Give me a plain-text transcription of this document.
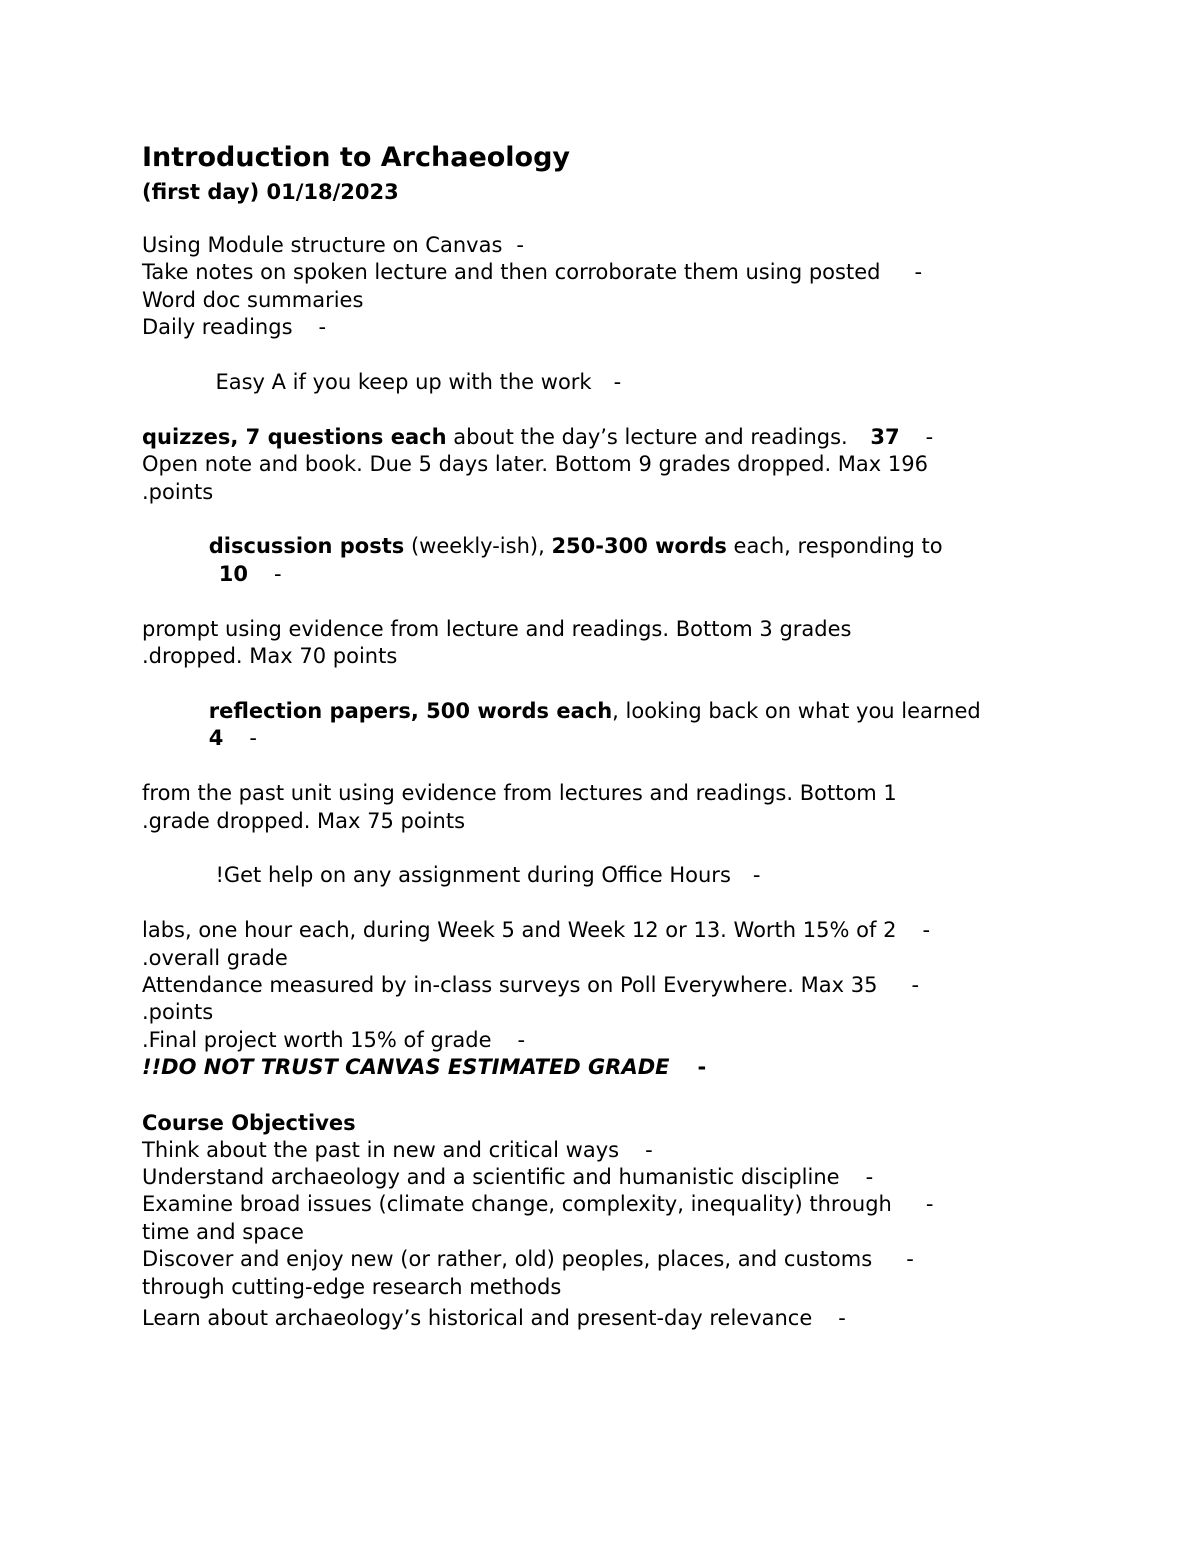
Introduction to Archaeology
(first day) 01/18/2023
Using Module structure on Canvas -
Take notes on spoken lecture and then corroborate them using posted -
Word doc summaries
Daily readings -

Easy A if you keep up with the work -

quizzes, 7 questions each about the day’s lecture and readings. 37 -
Open note and book. Due 5 days later. Bottom 9 grades dropped. Max 196
.points

discussion posts (weekly-ish), 250-300 words each, responding to
10 -

prompt using evidence from lecture and readings. Bottom 3 grades
.dropped. Max 70 points

reflection papers, 500 words each, looking back on what you learned
4 -

from the past unit using evidence from lectures and readings. Bottom 1
.grade dropped. Max 75 points

!Get help on any assignment during Office Hours -

labs, one hour each, during Week 5 and Week 12 or 13. Worth 15% of 2 -
.overall grade
Attendance measured by in-class surveys on Poll Everywhere. Max 35 -
.points
.Final project worth 15% of grade -
!!DO NOT TRUST CANVAS ESTIMATED GRADE -
Course Objectives
Think about the past in new and critical ways -
Understand archaeology and a scientific and humanistic discipline -
Examine broad issues (climate change, complexity, inequality) through -
time and space
Discover and enjoy new (or rather, old) peoples, places, and customs -
through cutting-edge research methods
Learn about archaeology’s historical and present-day relevance -
